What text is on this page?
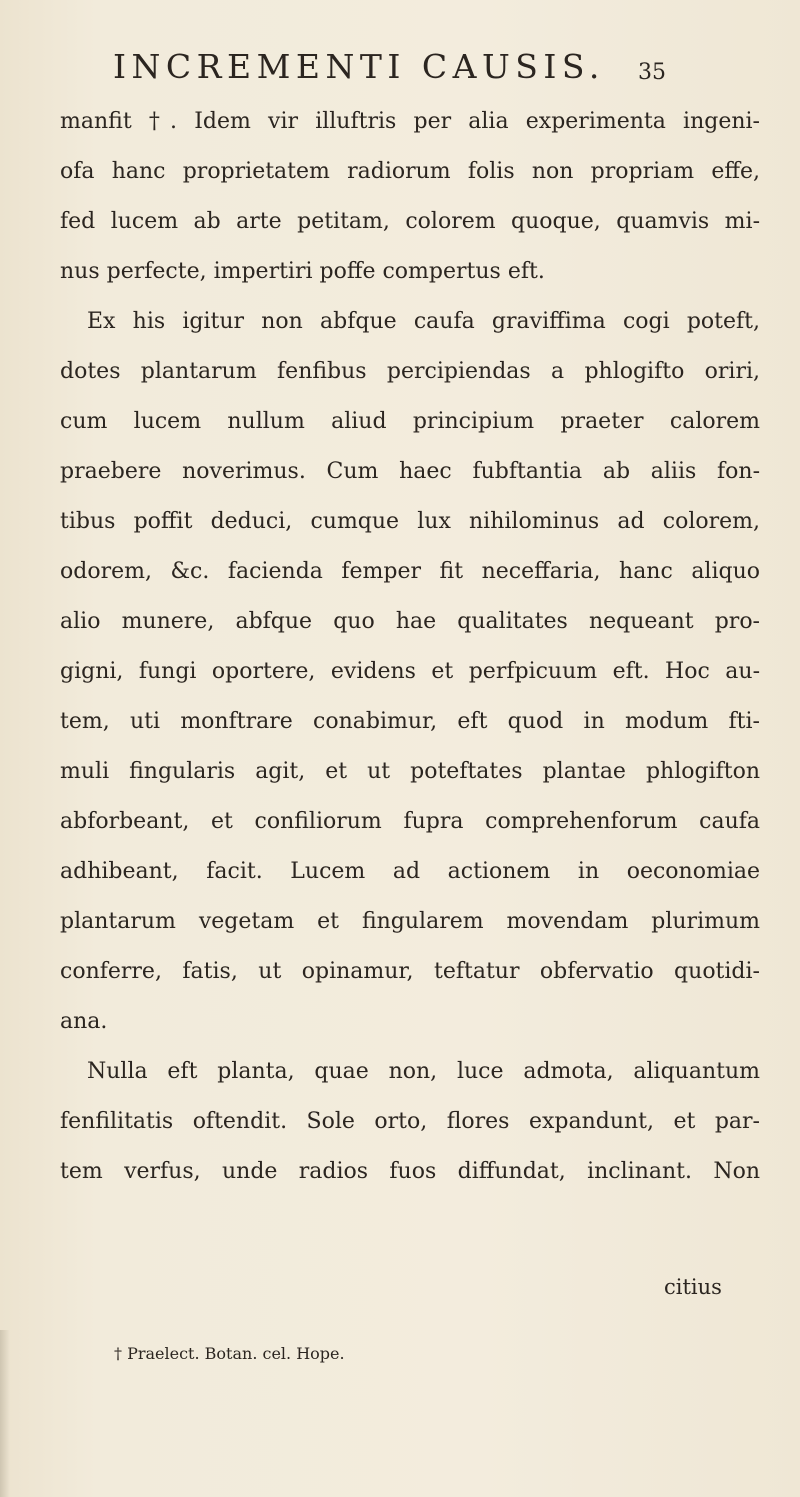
INCREMENTI CAUSIS. 35
manfit †. Idem vir illuftris per alia experimenta ingeni-
ofa hanc proprietatem radiorum folis non propriam effe,
fed lucem ab arte petitam, colorem quoque, quamvis mi-
nus perfecte, impertiri poffe compertus eft.
Ex his igitur non abfque caufa graviffima cogi poteft,
dotes plantarum fenfibus percipiendas a phlogifto oriri,
cum lucem nullum aliud principium praeter calorem
praebere noverimus. Cum haec fubftantia ab aliis fon-
tibus poffit deduci, cumque lux nihilominus ad colorem,
odorem, &c. facienda femper fit neceffaria, hanc aliquo
alio munere, abfque quo hae qualitates nequeant pro-
gigni, fungi oportere, evidens et perfpicuum eft. Hoc au-
tem, uti monftrare conabimur, eft quod in modum fti-
muli fingularis agit, et ut poteftates plantae phlogifton
abforbeant, et confiliorum fupra comprehenforum caufa
adhibeant, facit. Lucem ad actionem in oeconomiae
plantarum vegetam et fingularem movendam plurimum
conferre, fatis, ut opinamur, teftatur obfervatio quotidi-
ana.
Nulla eft planta, quae non, luce admota, aliquantum
fenfilitatis oftendit. Sole orto, flores expandunt, et par-
tem verfus, unde radios fuos diffundat, inclinant. Non
citius
† Praelect. Botan. cel. Hope.
